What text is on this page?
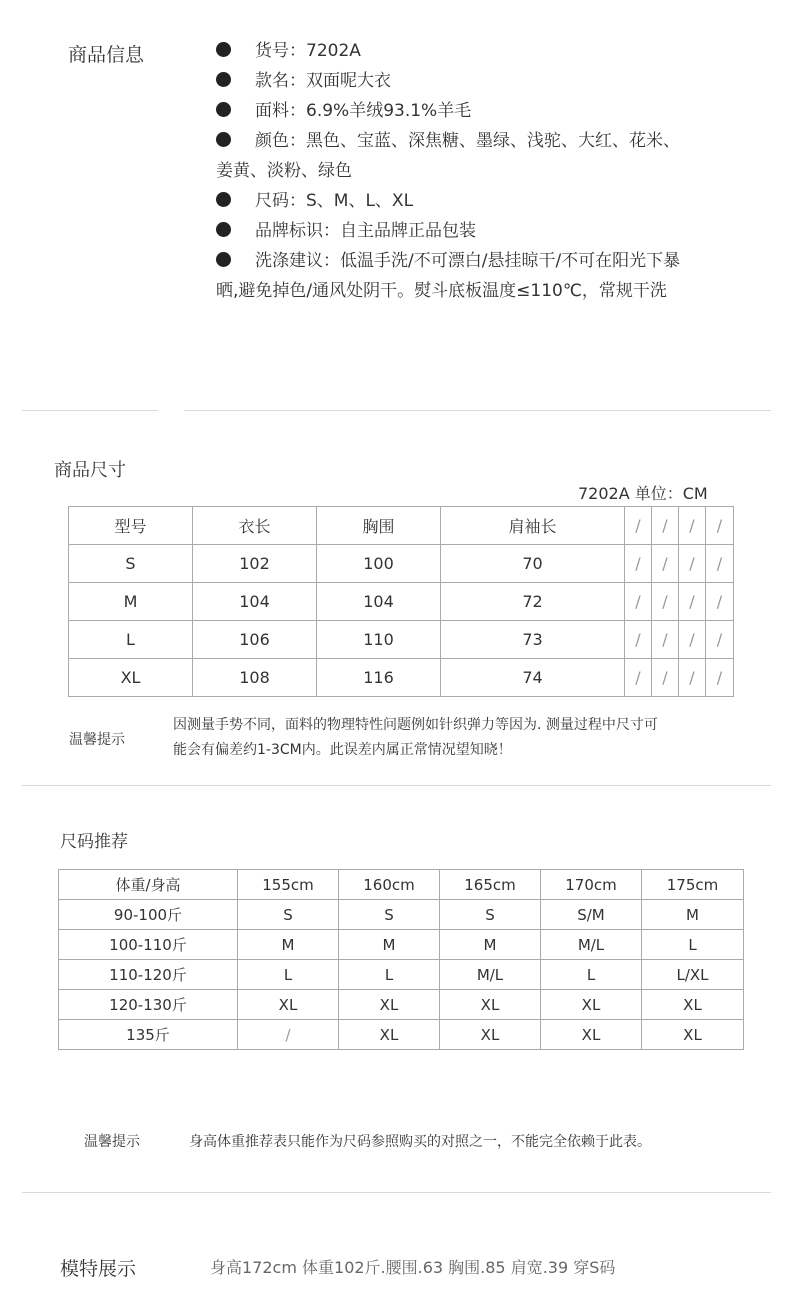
商品信息	货号：7202A
款名：双面呢大衣
面料：6.9%羊绒93.1%羊毛
颜色：黑色、宝蓝、深焦糖、墨绿、浅驼、大红、花米、
姜黄、淡粉、绿色
尺码：S、M、L、XL
品牌标识：自主品牌正品包装
洗涤建议：低温手洗/不可漂白/悬挂晾干/不可在阳光下暴
晒,避免掉色/通风处阴干。熨斗底板温度≤110℃，常规干洗
商品尺寸
7202A 单位：CM
型号	衣长	胸围	肩袖长	/	/	/	/
S	102	100	70	/	/	/	/
M	104	104	72	/	/	/	/
L	106	110	73	/	/	/	/
XL	108	116	74	/	/	/	/
温馨提示
因测量手势不同，面料的物理特性问题例如针织弹力等因为. 测量过程中尺寸可
能会有偏差约1-3CM内。此误差内属正常情况望知晓！
尺码推荐
体重/身高	155cm	160cm	165cm	170cm	175cm
90-100斤	S	S	S	S/M	M
100-110斤	M	M	M	M/L	L
110-120斤	L	L	M/L	L	L/XL
120-130斤	XL	XL	XL	XL	XL
135斤	/	XL	XL	XL	XL
温馨提示	身高体重推荐表只能作为尺码参照购买的对照之一，不能完全依赖于此表。
模特展示	身高172cm 体重102斤.腰围.63 胸围.85 肩宽.39 穿S码
